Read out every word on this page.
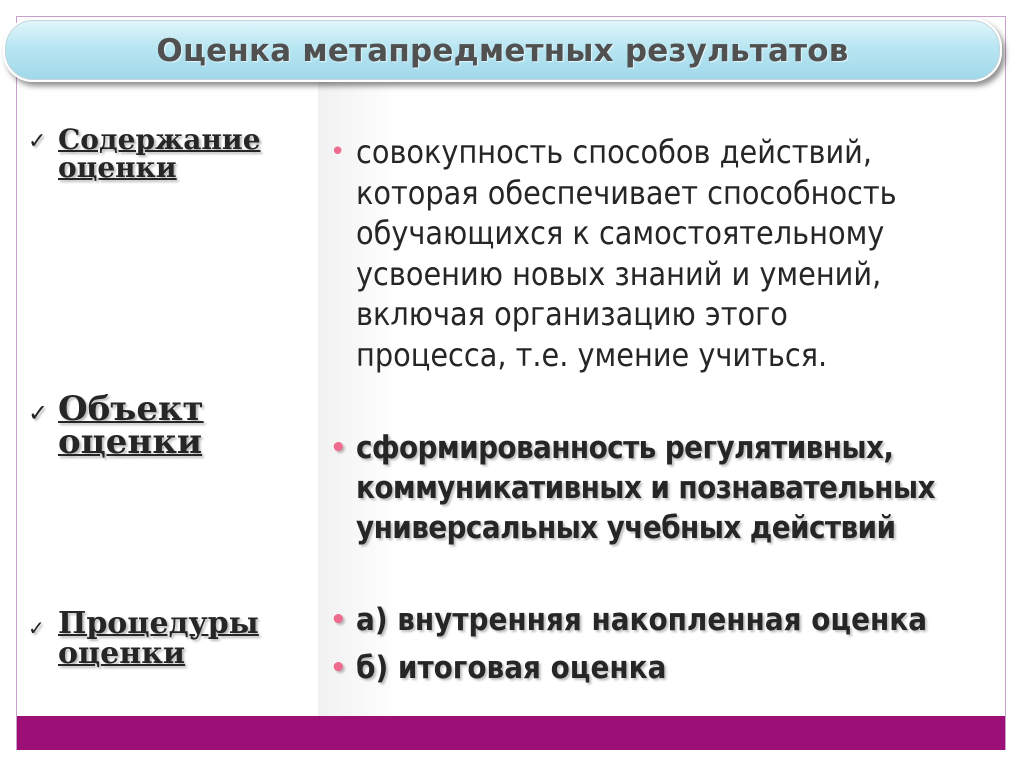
Оценка метапредметных результатов
✓ Содержание
оценки
✓ Объект
оценки
✓ Процедуры
оценки
• совокупность способов действий,
которая обеспечивает способность
обучающихся к самостоятельному
усвоению новых знаний и умений,
включая организацию этого
процесса, т.е. умение учиться.
• сформированность регулятивных,
коммуникативных и познавательных
универсальных учебных действий
• а) внутренняя накопленная оценка
• б) итоговая оценка
